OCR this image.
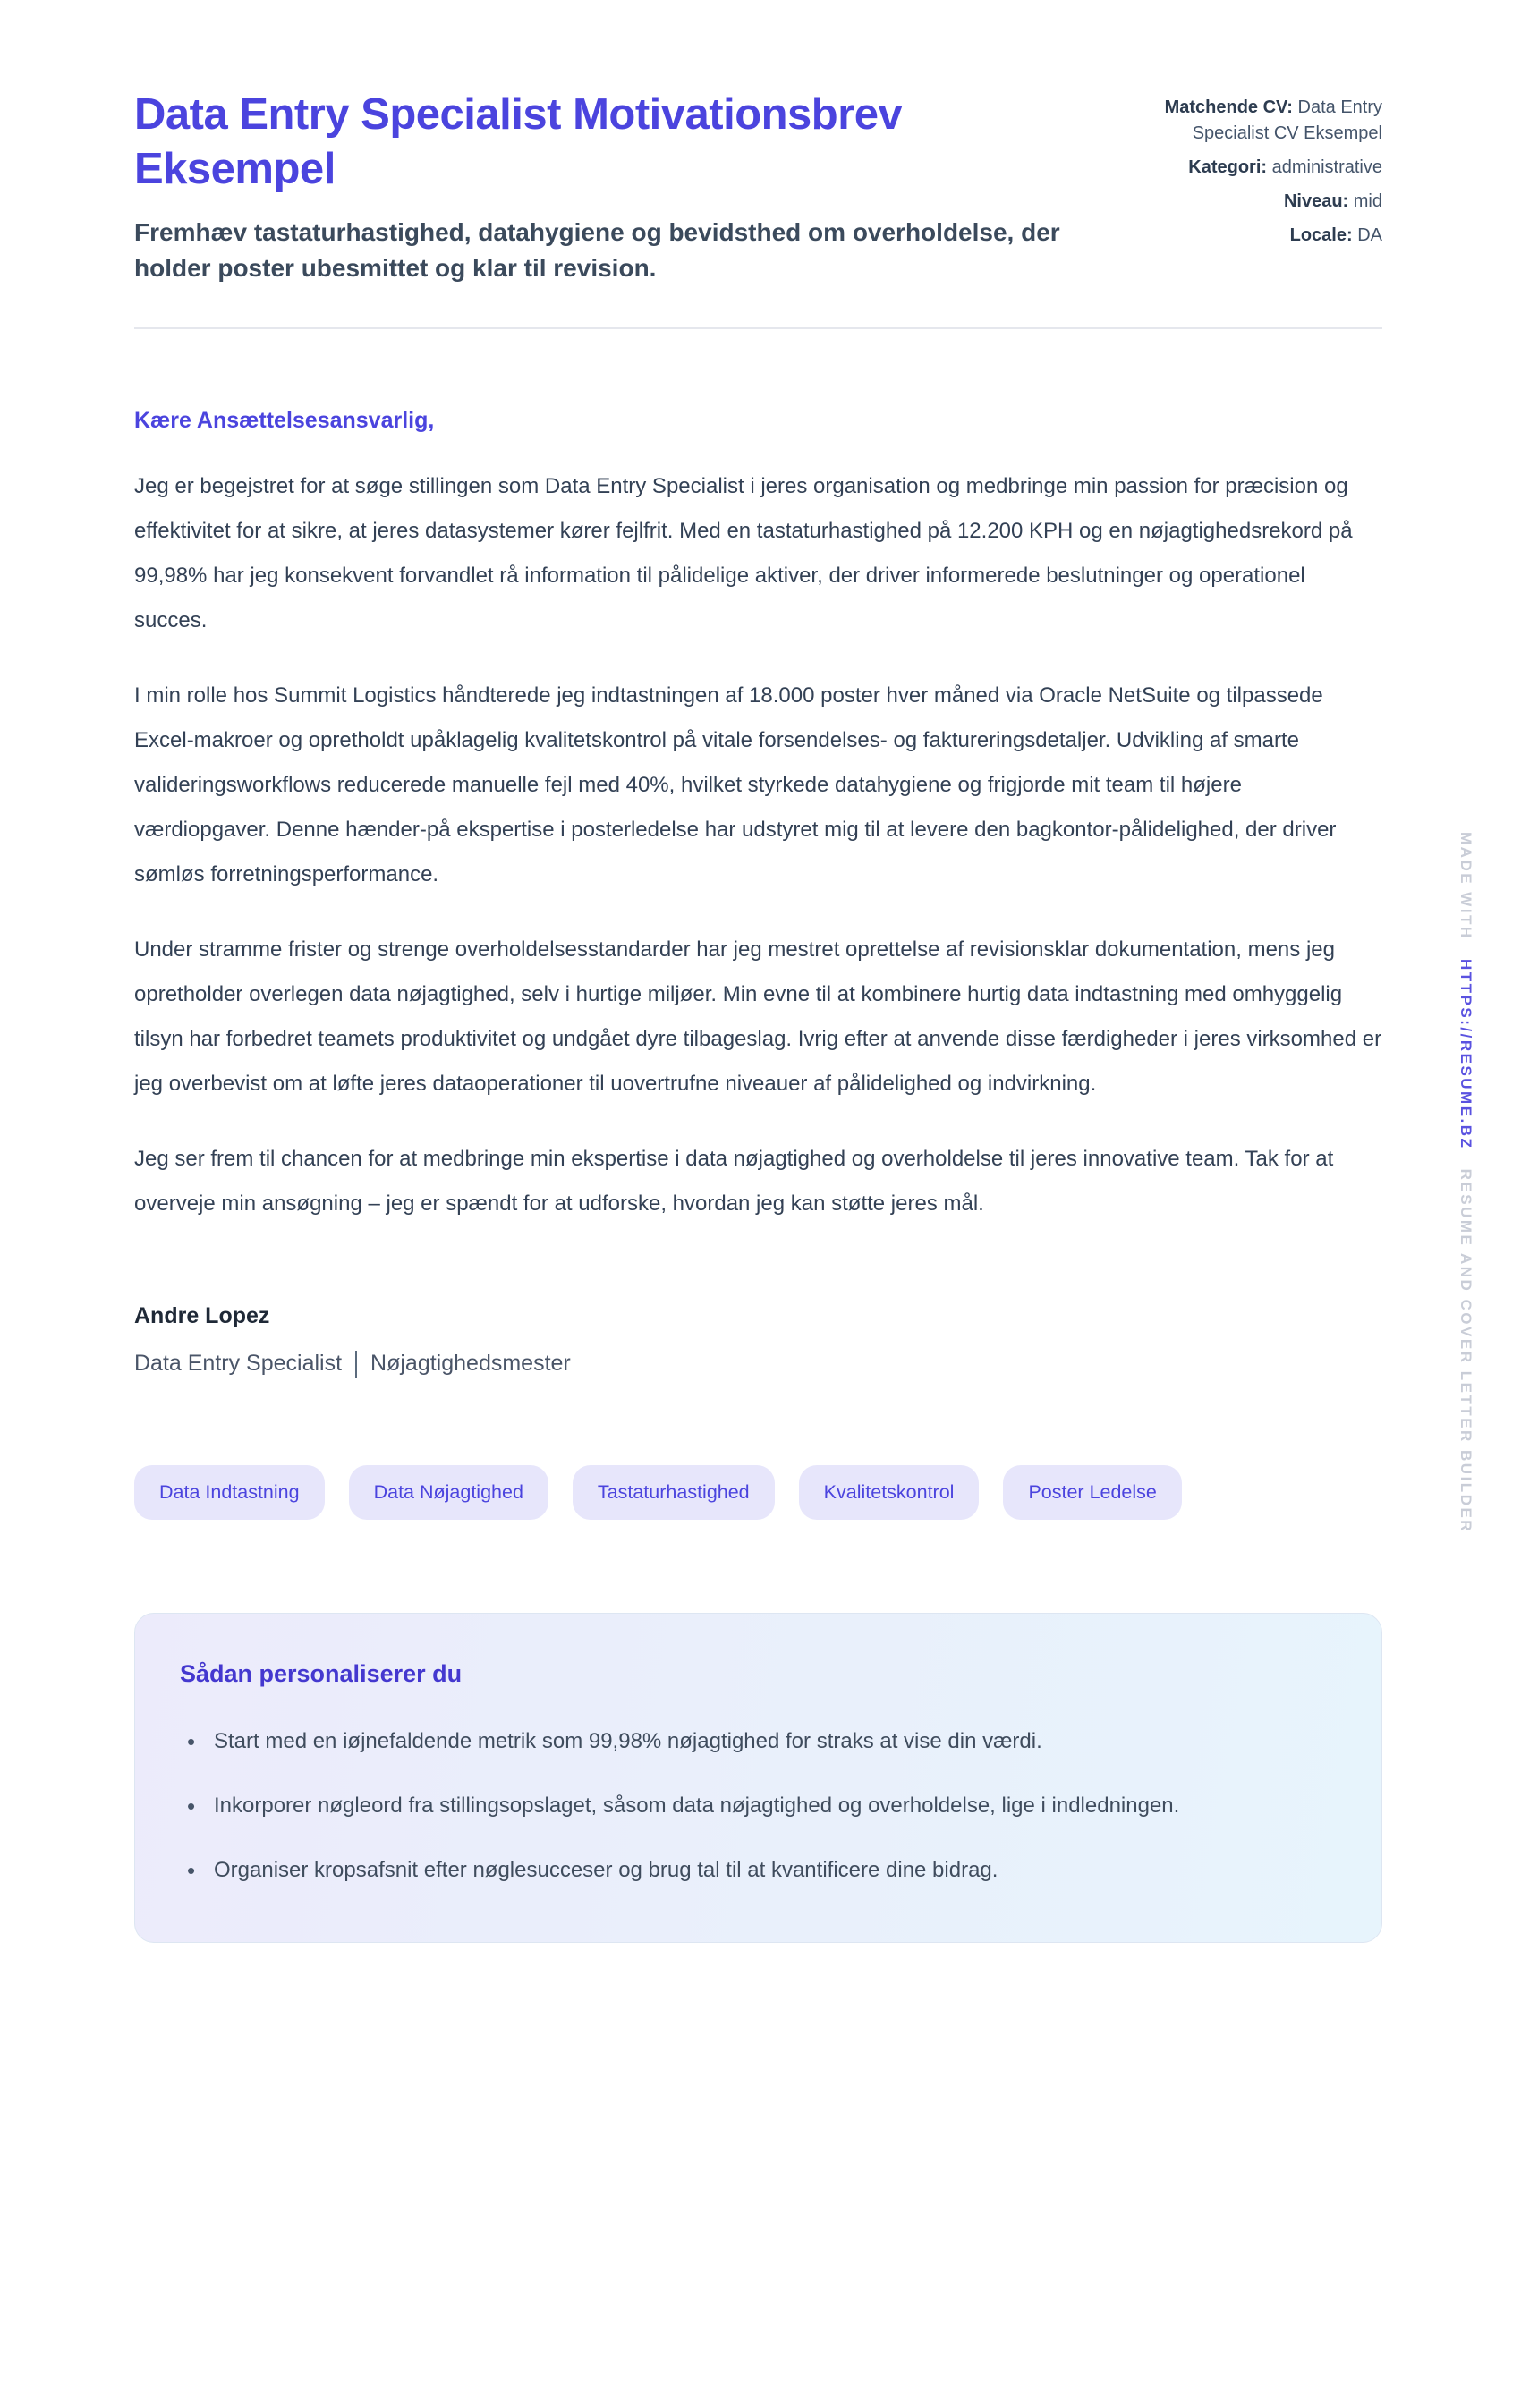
Data Entry Specialist Motivationsbrev Eksempel
Fremhæv tastaturhastighed, datahygiene og bevidsthed om overholdelse, der holder poster ubesmittet og klar til revision.
Matchende CV: Data Entry Specialist CV Eksempel
Kategori: administrative
Niveau: mid
Locale: DA
Kære Ansættelsesansvarlig,

Jeg er begejstret for at søge stillingen som Data Entry Specialist i jeres organisation og medbringe min passion for præcision og effektivitet for at sikre, at jeres datasystemer kører fejlfrit. Med en tastaturhastighed på 12.200 KPH og en nøjagtighedsrekord på 99,98% har jeg konsekvent forvandlet rå information til pålidelige aktiver, der driver informerede beslutninger og operationel succes.

I min rolle hos Summit Logistics håndterede jeg indtastningen af 18.000 poster hver måned via Oracle NetSuite og tilpassede Excel-makroer og opretholdt upåklagelig kvalitetskontrol på vitale forsendelses- og faktureringsdetaljer. Udvikling af smarte valideringsworkflows reducerede manuelle fejl med 40%, hvilket styrkede datahygiene og frigjorde mit team til højere værdiopgaver. Denne hænder-på ekspertise i posterledelse har udstyret mig til at levere den bagkontor-pålidelighed, der driver sømløs forretningsperformance.

Under stramme frister og strenge overholdelsesstandarder har jeg mestret oprettelse af revisionsklar dokumentation, mens jeg opretholder overlegen data nøjagtighed, selv i hurtige miljøer. Min evne til at kombinere hurtig data indtastning med omhyggelig tilsyn har forbedret teamets produktivitet og undgået dyre tilbageslag. Ivrig efter at anvende disse færdigheder i jeres virksomhed er jeg overbevist om at løfte jeres dataoperationer til uovertrufne niveauer af pålidelighed og indvirkning.

Jeg ser frem til chancen for at medbringe min ekspertise i data nøjagtighed og overholdelse til jeres innovative team. Tak for at overveje min ansøgning – jeg er spændt for at udforske, hvordan jeg kan støtte jeres mål.

Andre Lopez
Data Entry Specialist Nøjagtighedsmester
Data Indtastning	Data Nøjagtighed	Tastaturhastighed	Kvalitetskontrol	Poster Ledelse
Sådan personaliserer du
• Start med en iøjnefaldende metrik som 99,98% nøjagtighed for straks at vise din værdi.
• Inkorporer nøgleord fra stillingsopslaget, såsom data nøjagtighed og overholdelse, lige i indledningen.
• Organiser kropsafsnit efter nøglesucceser og brug tal til at kvantificere dine bidrag.
MADE WITH HTTPS://RESUME.BZ RESUME AND COVER LETTER BUILDER
